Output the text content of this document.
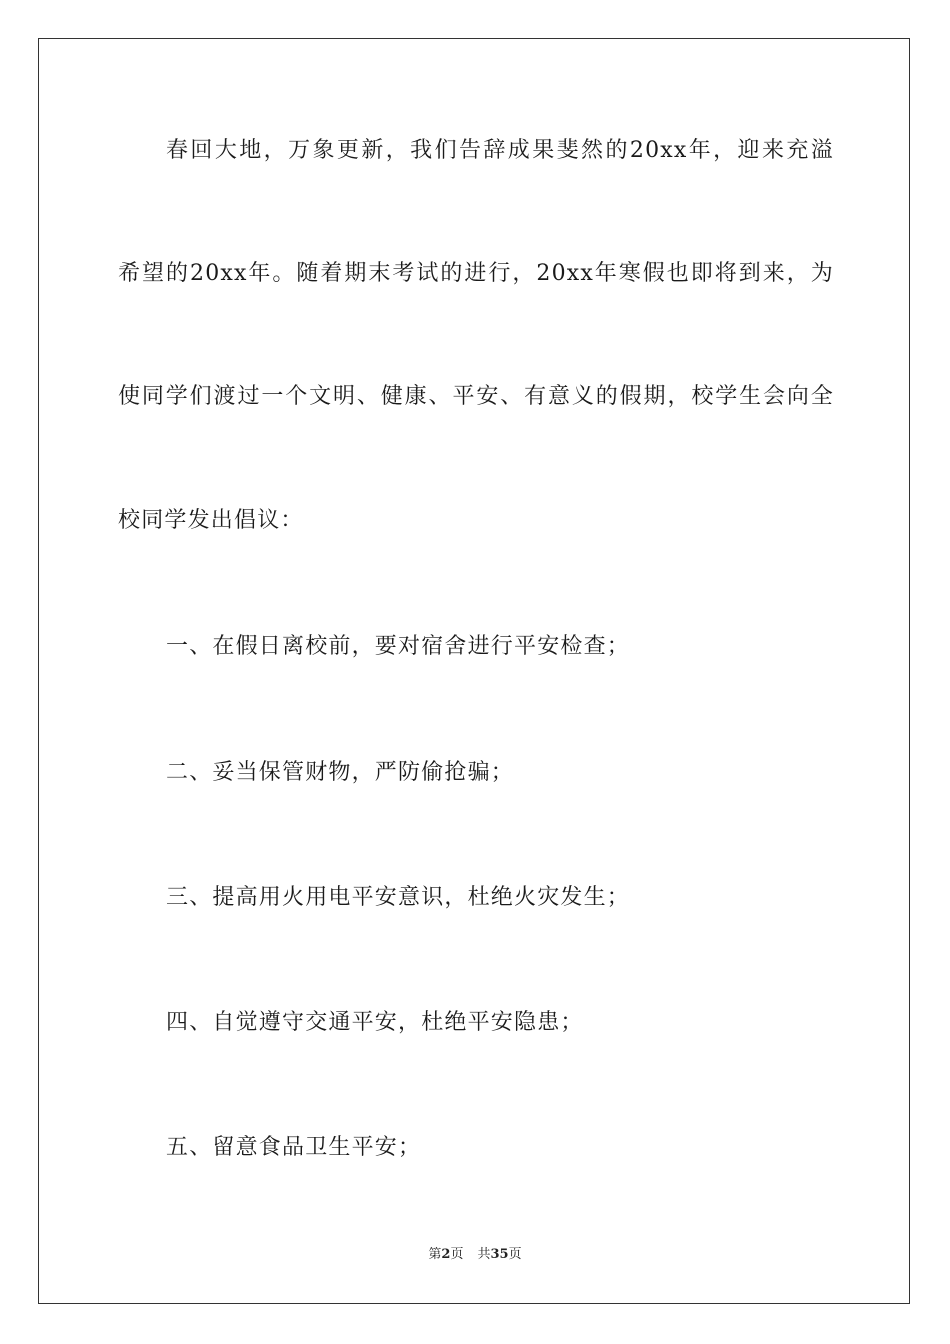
春回大地，万象更新，我们告辞成果斐然的20xx年，迎来充溢
希望的20xx年。随着期末考试的进行，20xx年寒假也即将到来，为
使同学们渡过一个文明、健康、平安、有意义的假期，校学生会向全
校同学发出倡议：
一、在假日离校前，要对宿舍进行平安检查；
二、妥当保管财物，严防偷抢骗；
三、提高用火用电平安意识，杜绝火灾发生；
四、自觉遵守交通平安，杜绝平安隐患；
五、留意食品卫生平安；
第2页 共35页
